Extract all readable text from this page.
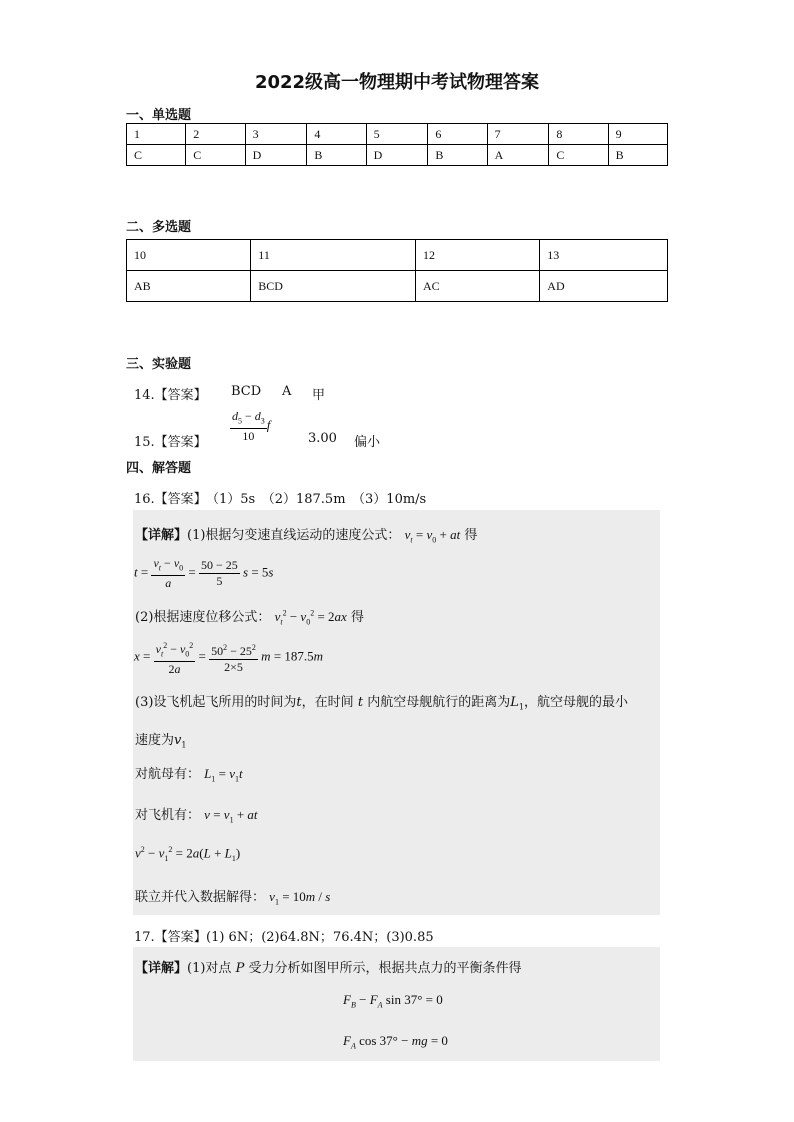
2022级高一物理期中考试物理答案
一、单选题
1	2	3	4	5	6	7	8	9
C	C	D	B	D	B	A	C	B
二、多选题
10	11	12	13
AB	BCD	AC	AD
三、实验题
14.【答案】 BCD A 甲
15.【答案】 $\frac{d_5 - d_3}{10}$ f
3.00 偏小
四、解答题
16.【答案】 （1）5s　（2）187.5m　（3）10m/s
【详解】(1)根据匀变速直线运动的速度公式： $v_t = v_0$ + at 得
$t = \frac{v_t - v_0}{a} = \frac{50 - 25}{5}$ s = 5s
(2)根据速度位移公式： $v_t^2 - v_0^2 = 2ax$ 得
$x = \frac{v_t^2 - v_0^2}{2a} = \frac{50^2 - 25^2}{2\times 5}$ m = 187.5m
(3)设飞机起飞所用的时间为t，在时间 t 内航空母舰航行的距离为$L_1$，航空母舰的最小
速度为$v_1$
对航母有： $L_1 = v_1t$
对飞机有： $v = v_1$ + at
$v^2 - v_1^2 = 2a(L + L_1)$
联立并代入数据解得： $v_1 = 10m / s$
17.【答案】 (1) 6N；(2)64.8N；76.4N；(3)0.85
【详解】(1)对点 P 受力分析如图甲所示，根据共点力的平衡条件得
$F_B - F_A$ sin 37° = 0
$F_A$ cos 37° − mg = 0
